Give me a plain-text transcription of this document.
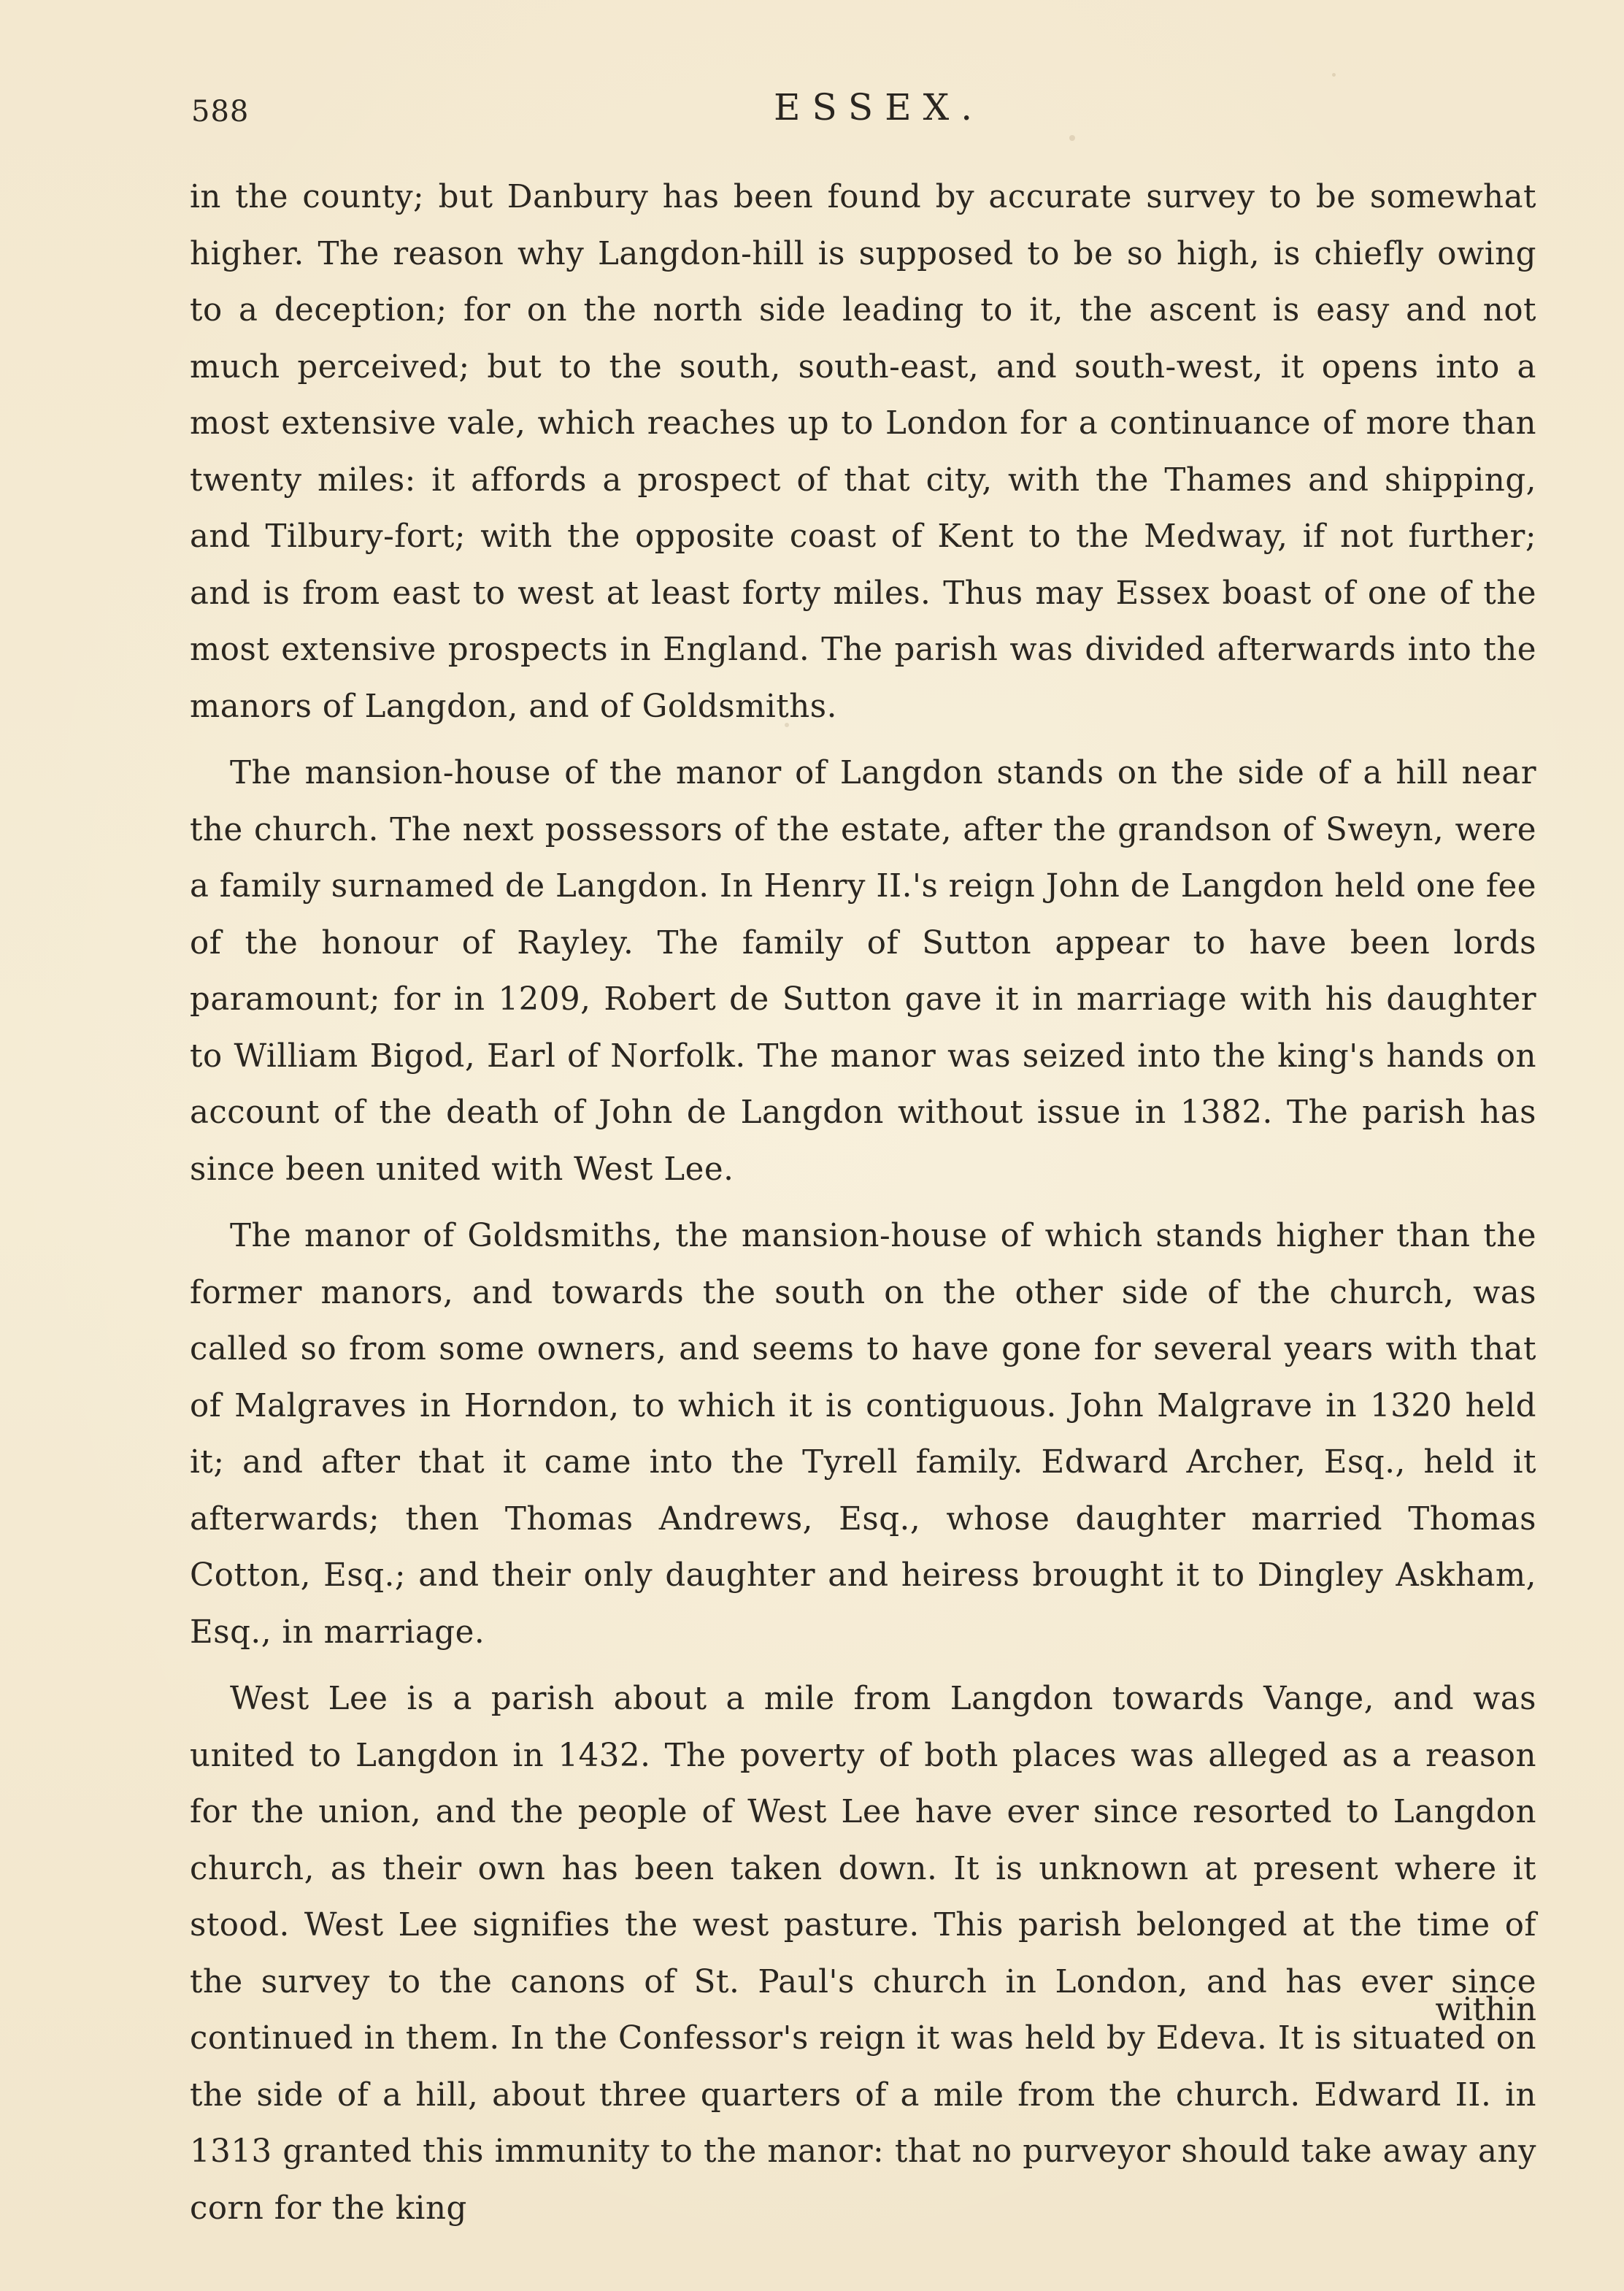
588	ESSEX.

in the county; but Danbury has been found by accurate survey to be somewhat higher. The reason why Langdon-hill is supposed to be so high, is chiefly owing to a deception; for on the north side leading to it, the ascent is easy and not much perceived; but to the south, south-east, and south-west, it opens into a most extensive vale, which reaches up to London for a continuance of more than twenty miles: it affords a prospect of that city, with the Thames and shipping, and Tilbury-fort; with the opposite coast of Kent to the Medway, if not further; and is from east to west at least forty miles. Thus may Essex boast of one of the most extensive prospects in England. The parish was divided afterwards into the manors of Langdon, and of Goldsmiths.

The mansion-house of the manor of Langdon stands on the side of a hill near the church. The next possessors of the estate, after the grandson of Sweyn, were a family surnamed de Langdon. In Henry II.'s reign John de Langdon held one fee of the honour of Rayley. The family of Sutton appear to have been lords paramount; for in 1209, Robert de Sutton gave it in marriage with his daughter to William Bigod, Earl of Norfolk. The manor was seized into the king's hands on account of the death of John de Langdon without issue in 1382. The parish has since been united with West Lee.

The manor of Goldsmiths, the mansion-house of which stands higher than the former manors, and towards the south on the other side of the church, was called so from some owners, and seems to have gone for several years with that of Malgraves in Horndon, to which it is contiguous. John Malgrave in 1320 held it; and after that it came into the Tyrell family. Edward Archer, Esq., held it afterwards; then Thomas Andrews, Esq., whose daughter married Thomas Cotton, Esq.; and their only daughter and heiress brought it to Dingley Askham, Esq., in marriage.

West Lee is a parish about a mile from Langdon towards Vange, and was united to Langdon in 1432. The poverty of both places was alleged as a reason for the union, and the people of West Lee have ever since resorted to Langdon church, as their own has been taken down. It is unknown at present where it stood. West Lee signifies the west pasture. This parish belonged at the time of the survey to the canons of St. Paul's church in London, and has ever since continued in them. In the Confessor's reign it was held by Edeva. It is situated on the side of a hill, about three quarters of a mile from the church. Edward II. in 1313 granted this immunity to the manor: that no purveyor should take away any corn for the king

within
